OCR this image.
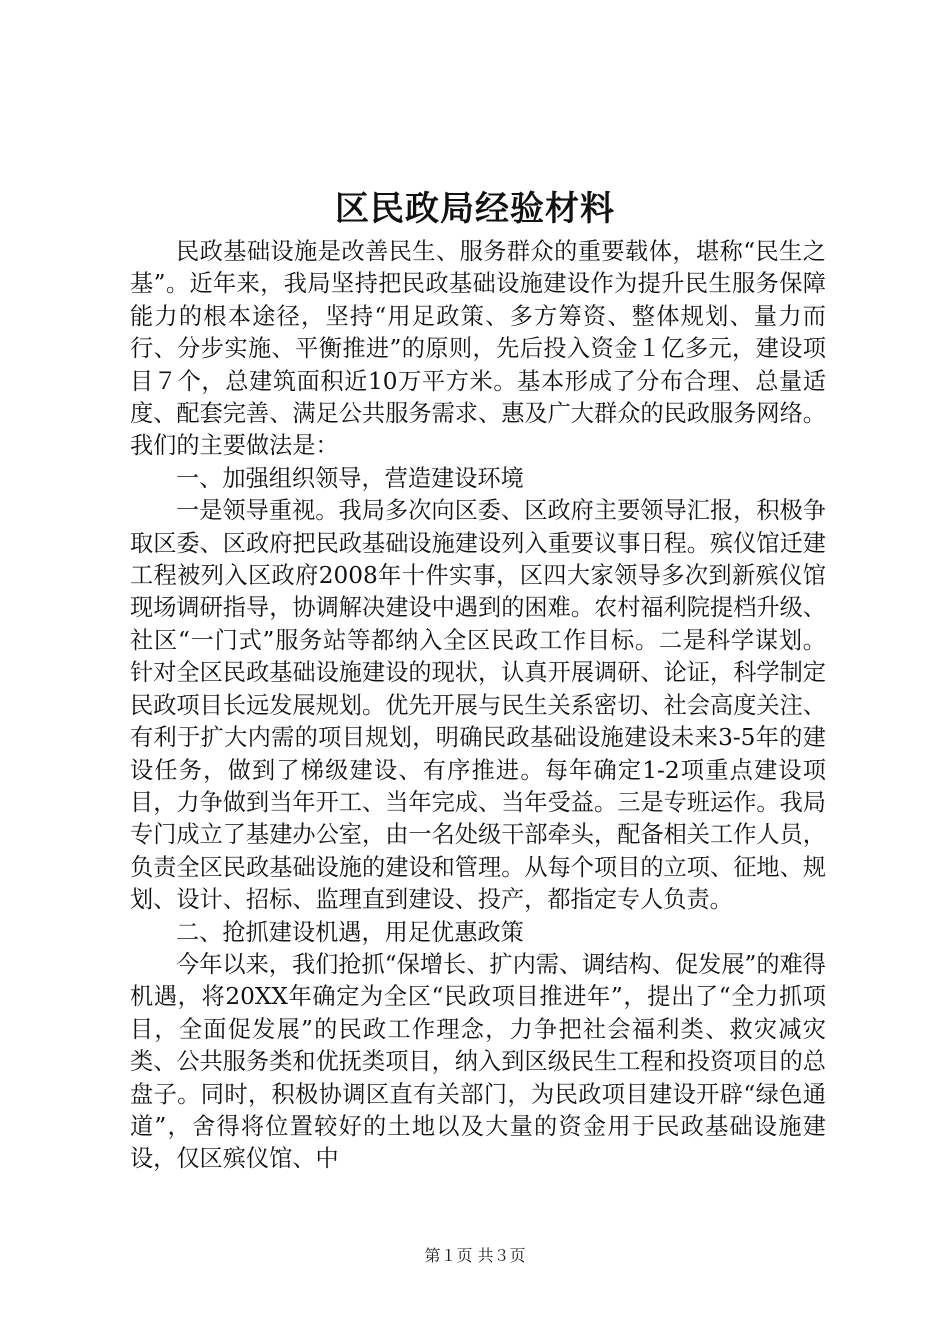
区民政局经验材料

民政基础设施是改善民生、服务群众的重要载体，堪称“民生之基”。近年来，我局坚持把民政基础设施建设作为提升民生服务保障能力的根本途径，坚持“用足政策、多方筹资、整体规划、量力而行、分步实施、平衡推进”的原则，先后投入资金１亿多元，建设项目７个，总建筑面积近10万平方米。基本形成了分布合理、总量适度、配套完善、满足公共服务需求、惠及广大群众的民政服务网络。我们的主要做法是：

一、加强组织领导，营造建设环境

一是领导重视。我局多次向区委、区政府主要领导汇报，积极争取区委、区政府把民政基础设施建设列入重要议事日程。殡仪馆迁建工程被列入区政府2008年十件实事，区四大家领导多次到新殡仪馆现场调研指导，协调解决建设中遇到的困难。农村福利院提档升级、社区“一门式”服务站等都纳入全区民政工作目标。二是科学谋划。针对全区民政基础设施建设的现状，认真开展调研、论证，科学制定民政项目长远发展规划。优先开展与民生关系密切、社会高度关注、有利于扩大内需的项目规划，明确民政基础设施建设未来3-5年的建设任务，做到了梯级建设、有序推进。每年确定1-2项重点建设项目，力争做到当年开工、当年完成、当年受益。三是专班运作。我局专门成立了基建办公室，由一名处级干部牵头，配备相关工作人员，负责全区民政基础设施的建设和管理。从每个项目的立项、征地、规划、设计、招标、监理直到建设、投产，都指定专人负责。

二、抢抓建设机遇，用足优惠政策

今年以来，我们抢抓“保增长、扩内需、调结构、促发展”的难得机遇，将20XX年确定为全区“民政项目推进年”，提出了“全力抓项目，全面促发展”的民政工作理念，力争把社会福利类、救灾减灾类、公共服务类和优抚类项目，纳入到区级民生工程和投资项目的总盘子。同时，积极协调区直有关部门，为民政项目建设开辟“绿色通道”，舍得将位置较好的土地以及大量的资金用于民政基础设施建设，仅区殡仪馆、中

第１页 共３页
